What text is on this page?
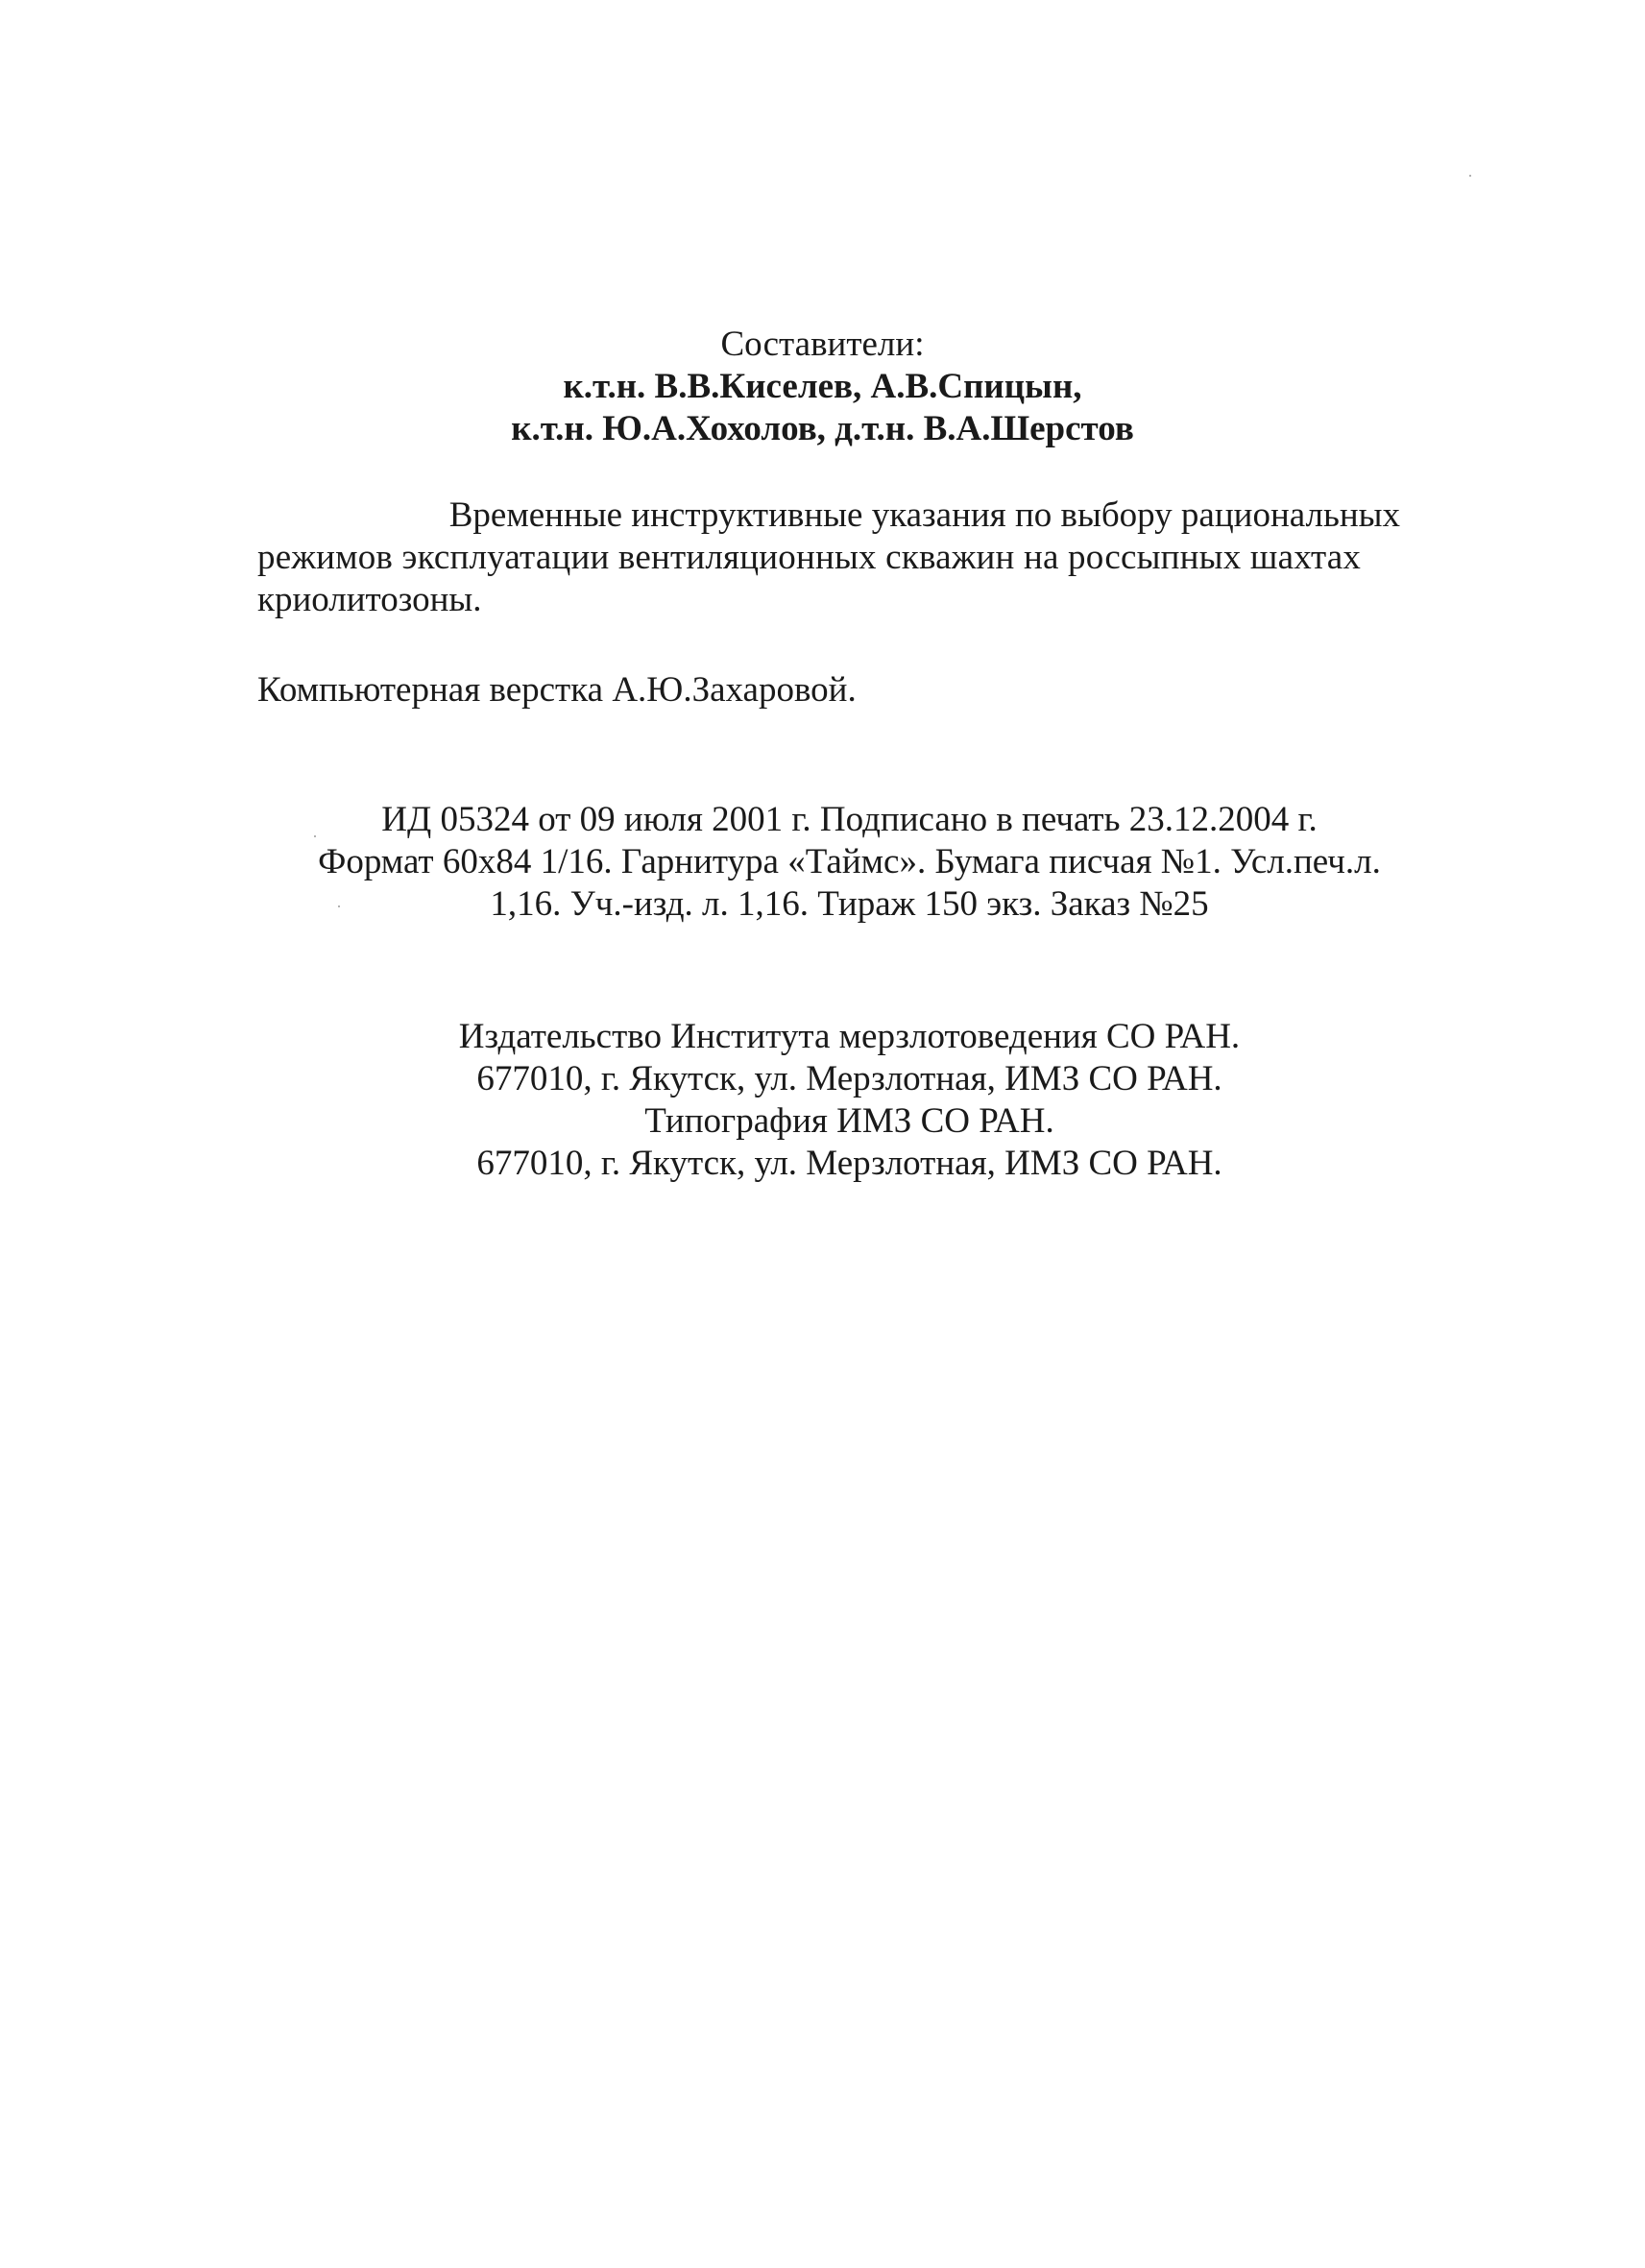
Составители:
к.т.н. В.В.Киселев, А.В.Спицын,
к.т.н. Ю.А.Хохолов, д.т.н. В.А.Шерстов
Временные инструктивные указания по выбору рациональных
режимов эксплуатации вентиляционных скважин на россыпных шахтах
криолитозоны.
Компьютерная верстка А.Ю.Захаровой.
ИД 05324 от 09 июля 2001 г. Подписано в печать 23.12.2004 г.
Формат 60х84 1/16. Гарнитура «Таймс». Бумага писчая №1. Усл.печ.л.
1,16. Уч.-изд. л. 1,16. Тираж 150 экз. Заказ №25
Издательство Института мерзлотоведения СО РАН.
677010, г. Якутск, ул. Мерзлотная, ИМЗ СО РАН.
Типография ИМЗ СО РАН.
677010, г. Якутск, ул. Мерзлотная, ИМЗ СО РАН.
